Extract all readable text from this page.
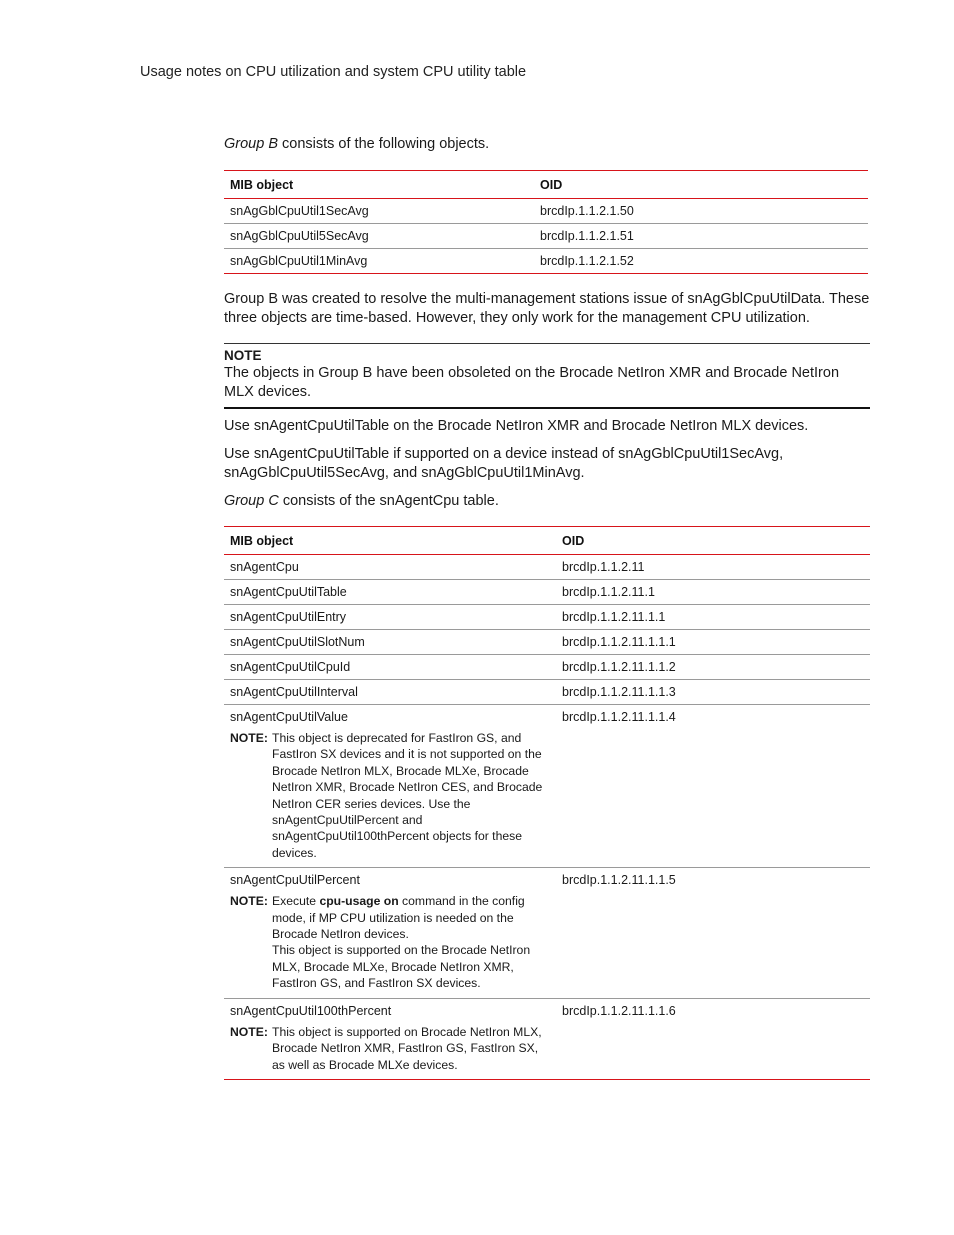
Usage notes on CPU utilization and system CPU utility table

Group B consists of the following objects.

MIB object	OID
snAgGblCpuUtil1SecAvg	brcdIp.1.1.2.1.50
snAgGblCpuUtil5SecAvg	brcdIp.1.1.2.1.51
snAgGblCpuUtil1MinAvg	brcdIp.1.1.2.1.52

Group B was created to resolve the multi-management stations issue of snAgGblCpuUtilData. These three objects are time-based. However, they only work for the management CPU utilization.

NOTE
The objects in Group B have been obsoleted on the Brocade NetIron XMR and Brocade NetIron MLX devices.

Use snAgentCpuUtilTable on the Brocade NetIron XMR and Brocade NetIron MLX devices.

Use snAgentCpuUtilTable if supported on a device instead of snAgGblCpuUtil1SecAvg, snAgGblCpuUtil5SecAvg, and snAgGblCpuUtil1MinAvg.

Group C consists of the snAgentCpu table.

MIB object	OID
snAgentCpu	brcdIp.1.1.2.11
snAgentCpuUtilTable	brcdIp.1.1.2.11.1
snAgentCpuUtilEntry	brcdIp.1.1.2.11.1.1
snAgentCpuUtilSlotNum	brcdIp.1.1.2.11.1.1.1
snAgentCpuUtilCpuId	brcdIp.1.1.2.11.1.1.2
snAgentCpuUtilInterval	brcdIp.1.1.2.11.1.1.3

snAgentCpuUtilValue
NOTE: This object is deprecated for FastIron GS, and FastIron SX devices and it is not supported on the Brocade NetIron MLX, Brocade MLXe, Brocade NetIron XMR, Brocade NetIron CES, and Brocade NetIron CER series devices. Use the snAgentCpuUtilPercent and snAgentCpuUtil100thPercent objects for these devices.	brcdIp.1.1.2.11.1.1.4

snAgentCpuUtilPercent
NOTE: Execute cpu-usage on command in the config mode, if MP CPU utilization is needed on the Brocade NetIron devices.
This object is supported on the Brocade NetIron MLX, Brocade MLXe, Brocade NetIron XMR, FastIron GS, and FastIron SX devices.	brcdIp.1.1.2.11.1.1.5

snAgentCpuUtil100thPercent
NOTE: This object is supported on Brocade NetIron MLX, Brocade NetIron XMR, FastIron GS, FastIron SX, as well as Brocade MLXe devices.	brcdIp.1.1.2.11.1.1.6
